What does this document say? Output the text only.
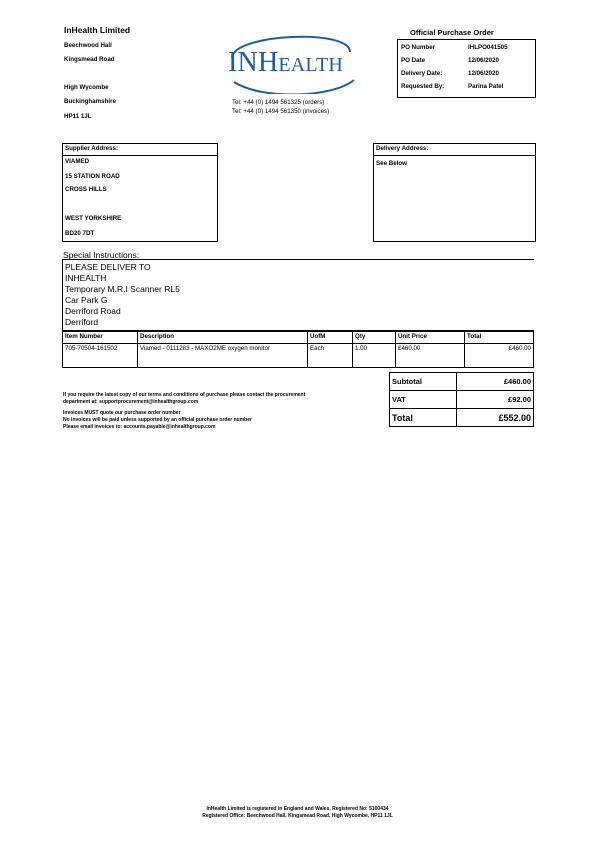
InHealth Limited
Beechwood Hall
Kingsmead Road
High Wycombe
Buckinghamshire
HP11 1JL
Tel: +44 (0) 1494 561325 (orders)
Tel: +44 (0) 1494 561350 (invoices)
INHEALTH
Official Purchase Order
PO Number	IHLPO041505
PO Date	12/06/2020
Delivery Date:	12/06/2020
Requested By:	Parina Patel
Supplier Address:
VIAMED
15 STATION ROAD
CROSS HILLS
WEST YORKSHIRE
BD20 7DT
Delivery Address:
See Below
Special Instructions:
PLEASE DELIVER TO
INHEALTH
Temporary M.R.I Scanner RL5
Car Park G
Derriford Road
Derriford
Item Number	Description	UofM	Qty	Unit Price	Total
705-70504-161502	Viamed - 0111283 - MAXO2ME oxygen monitor	Each	1.00	£460.00	£460.00
Subtotal	£460.00
VAT	£92.00
Total	£552.00
If you require the latest copy of our terms and conditions of purchase please contact the procurement
department at: supportprocurement@inhealthgroup.com
Invoices MUST quote our purchase order number
No invoices will be paid unless supported by an official purchase order number
Please email invoices to: accounts.payable@inhealthgroup.com
InHealth Limited is registered in England and Wales. Registered No: 5100434
Registered Office: Beechwood Hall, Kingsmead Road, High Wycombe, HP11 1JL
